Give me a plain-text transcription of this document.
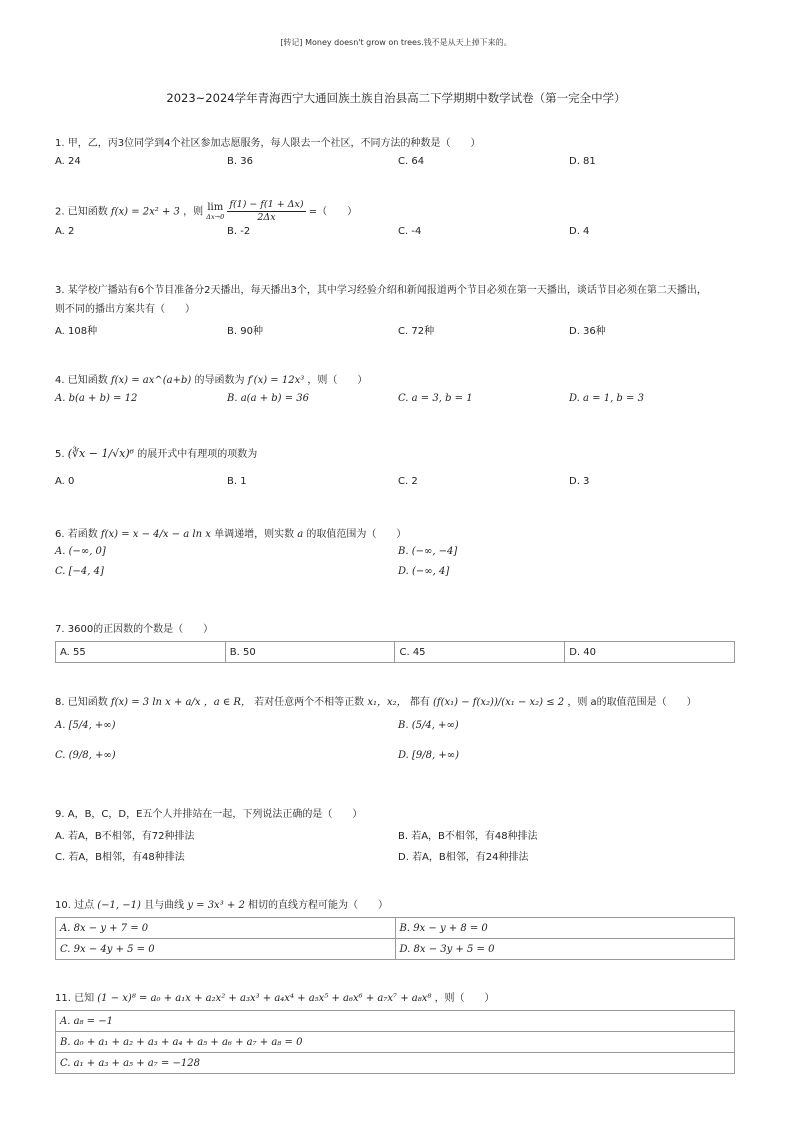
[转记] Money doesn't grow on trees.钱不是从天上掉下来的。
2023~2024学年青海西宁大通回族土族自治县高二下学期期中数学试卷（第一完全中学）
1. 甲，乙，丙3位同学到4个社区参加志愿服务，每人限去一个社区，不同方法的种数是（　　）
A. 24	B. 36	C. 64	D. 81
2. 已知函数 f(x) = 2x² + 3 ，则 lim
Δx→0
$\frac{f(1) - f(1 + \Delta x)}{2\Delta x}$ =（　　）
A. 2	B. -2	C. -4	D. 4
3. 某学校广播站有6个节目准备分2天播出，每天播出3个，其中学习经验介绍和新闻报道两个节目必须在第一天播出，谈话节目必须在第二天播出，
则不同的播出方案共有（　　）
A. 108种	B. 90种	C. 72种	D. 36种
4. 已知函数 f(x) = ax^(a+b) 的导函数为 f′(x) = 12x³ ，则（　　）
A. b(a + b) = 12	B. a(a + b) = 36	C. a = 3, b = 1	D. a = 1, b = 3
5. (∛x − 1/√x)⁶ 的展开式中有理项的项数为
A. 0	B. 1	C. 2	D. 3
6. 若函数 f(x) = x − 4/x − a ln x 单调递增，则实数 a 的取值范围为（　　）
A. (−∞, 0]	B. (−∞, −4]
C. [−4, 4]	D. (−∞, 4]
7. 3600的正因数的个数是（　　）
A. 55	B. 50	C. 45	D. 40
8. 已知函数 f(x) = 3 ln x + a/x ，a ∈ R， 若对任意两个不相等正数 x₁，x₂， 都有 (f(x₁) − f(x₂))/(x₁ − x₂) ≤ 2 ，则 a的取值范围是（　　）
A. [5/4, +∞)	B. (5/4, +∞)
C. (9/8, +∞)	D. [9/8, +∞)
9. A，B，C，D，E五个人并排站在一起，下列说法正确的是（　　）
A. 若A，B不相邻，有72种排法	B. 若A，B不相邻，有48种排法
C. 若A，B相邻，有48种排法	D. 若A，B相邻，有24种排法
10. 过点 (−1, −1) 且与曲线 y = 3x³ + 2 相切的直线方程可能为（　　）
A. 8x − y + 7 = 0	B. 9x − y + 8 = 0
C. 9x − 4y + 5 = 0	D. 8x − 3y + 5 = 0
11. 已知 (1 − x)⁸ = a₀ + a₁x + a₂x² + a₃x³ + a₄x⁴ + a₅x⁵ + a₆x⁶ + a₇x⁷ + a₈x⁸ ，则（　　）
A. a₈ = −1
B. a₀ + a₁ + a₂ + a₃ + a₄ + a₅ + a₆ + a₇ + a₈ = 0
C. a₁ + a₃ + a₅ + a₇ = −128
